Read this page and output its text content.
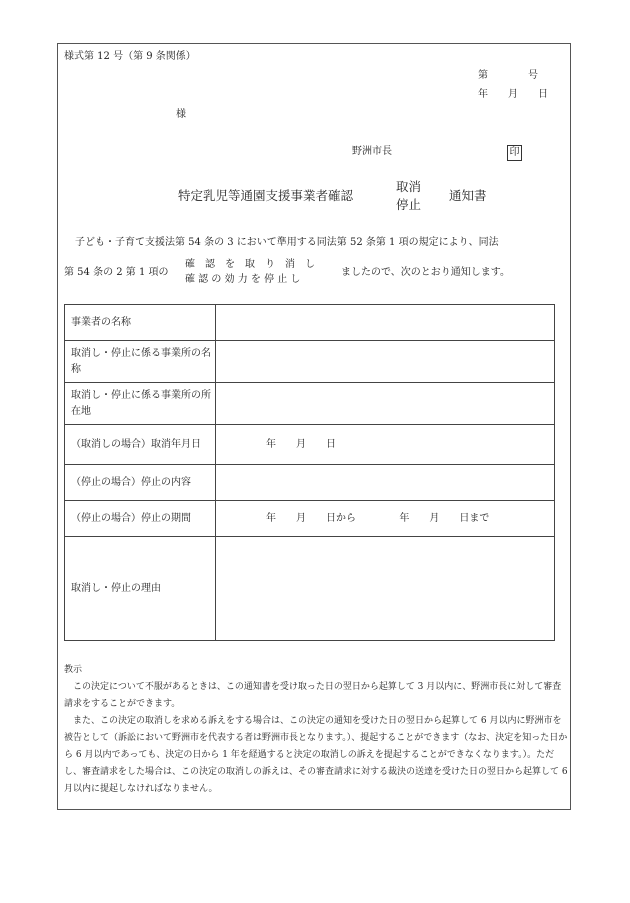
様式第 12 号（第 9 条関係）
第　　　　号
年　　月　　日
様
野洲市長	印
特定乳児等通園支援事業者確認
取消
停止
通知書
子ども・子育て支援法第 54 条の 3 において準用する同法第 52 条第 1 項の規定により、同法
第 54 条の 2 第 1 項の
確　認　を　取　り　消　し
確 認 の 効 力 を 停 止 し
ましたので、次のとおり通知します。
事業者の名称	
取消し・停止に係る事業所の名称	
取消し・停止に係る事業所の所在地	
（取消しの場合）取消年月日	年　　月　　日
（停止の場合）停止の内容	
（停止の場合）停止の期間	年　　月　　日から 年　　月　　日まで
取消し・停止の理由	

教示

この決定について不服があるときは、この通知書を受け取った日の翌日から起算して 3 月以内に、野洲市長に対して審査請求をすることができます。

また、この決定の取消しを求める訴えをする場合は、この決定の通知を受けた日の翌日から起算して 6 月以内に野洲市を被告として（訴訟において野洲市を代表する者は野洲市長となります。）、提起することができます（なお、決定を知った日から 6 月以内であっても、決定の日から 1 年を経過すると決定の取消しの訴えを提起することができなくなります。）。ただし、審査請求をした場合は、この決定の取消しの訴えは、その審査請求に対する裁決の送達を受けた日の翌日から起算して 6 月以内に提起しなければなりません。
